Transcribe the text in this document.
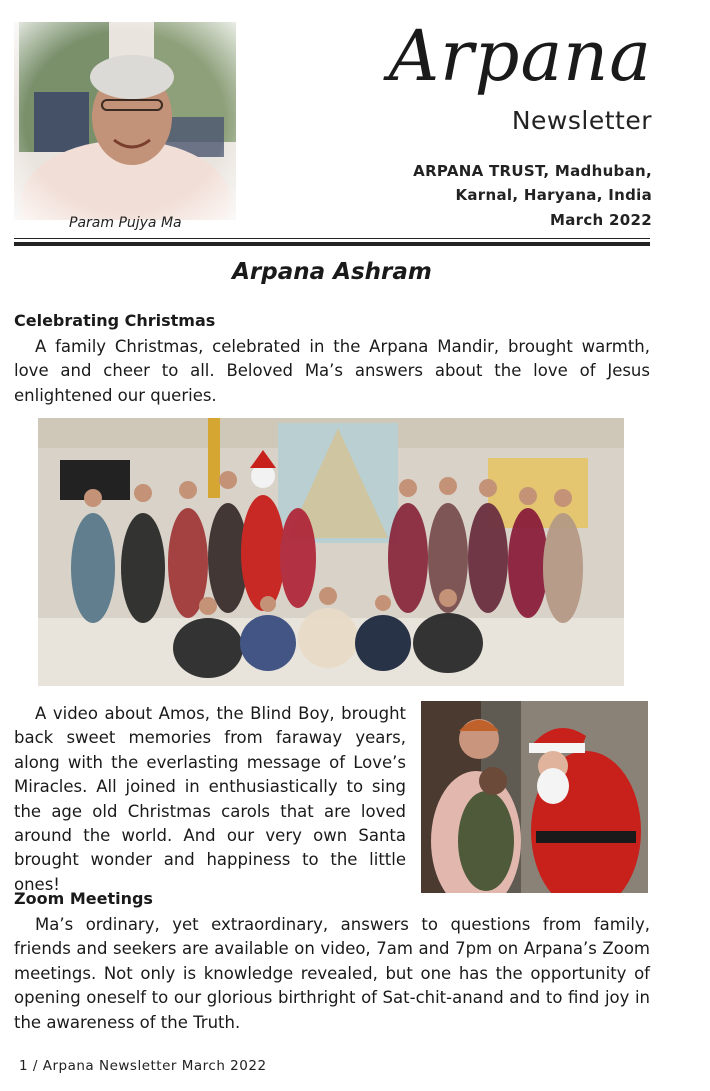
Param Pujya Ma
Arpana
Newsletter
ARPANA TRUST, Madhuban,
Karnal, Haryana, India
March 2022
Arpana Ashram
Celebrating Christmas

A family Christmas, celebrated in the Arpana Mandir, brought warmth, love and cheer to all. Beloved Ma’s answers about the love of Jesus enlightened our queries.

A video about Amos, the Blind Boy, brought back sweet memories from faraway years, along with the everlasting message of Love’s Miracles. All joined in enthusiastically to sing the age old Christmas carols that are loved around the world. And our very own Santa brought wonder and happiness to the little ones!

Zoom Meetings

Ma’s ordinary, yet extraordinary, answers to questions from family, friends and seekers are available on video, 7am and 7pm on Arpana’s Zoom meetings. Not only is knowledge revealed, but one has the opportunity of opening oneself to our glorious birthright of Sat-chit-anand and to find joy in the awareness of the Truth.

1 / Arpana Newsletter March 2022
